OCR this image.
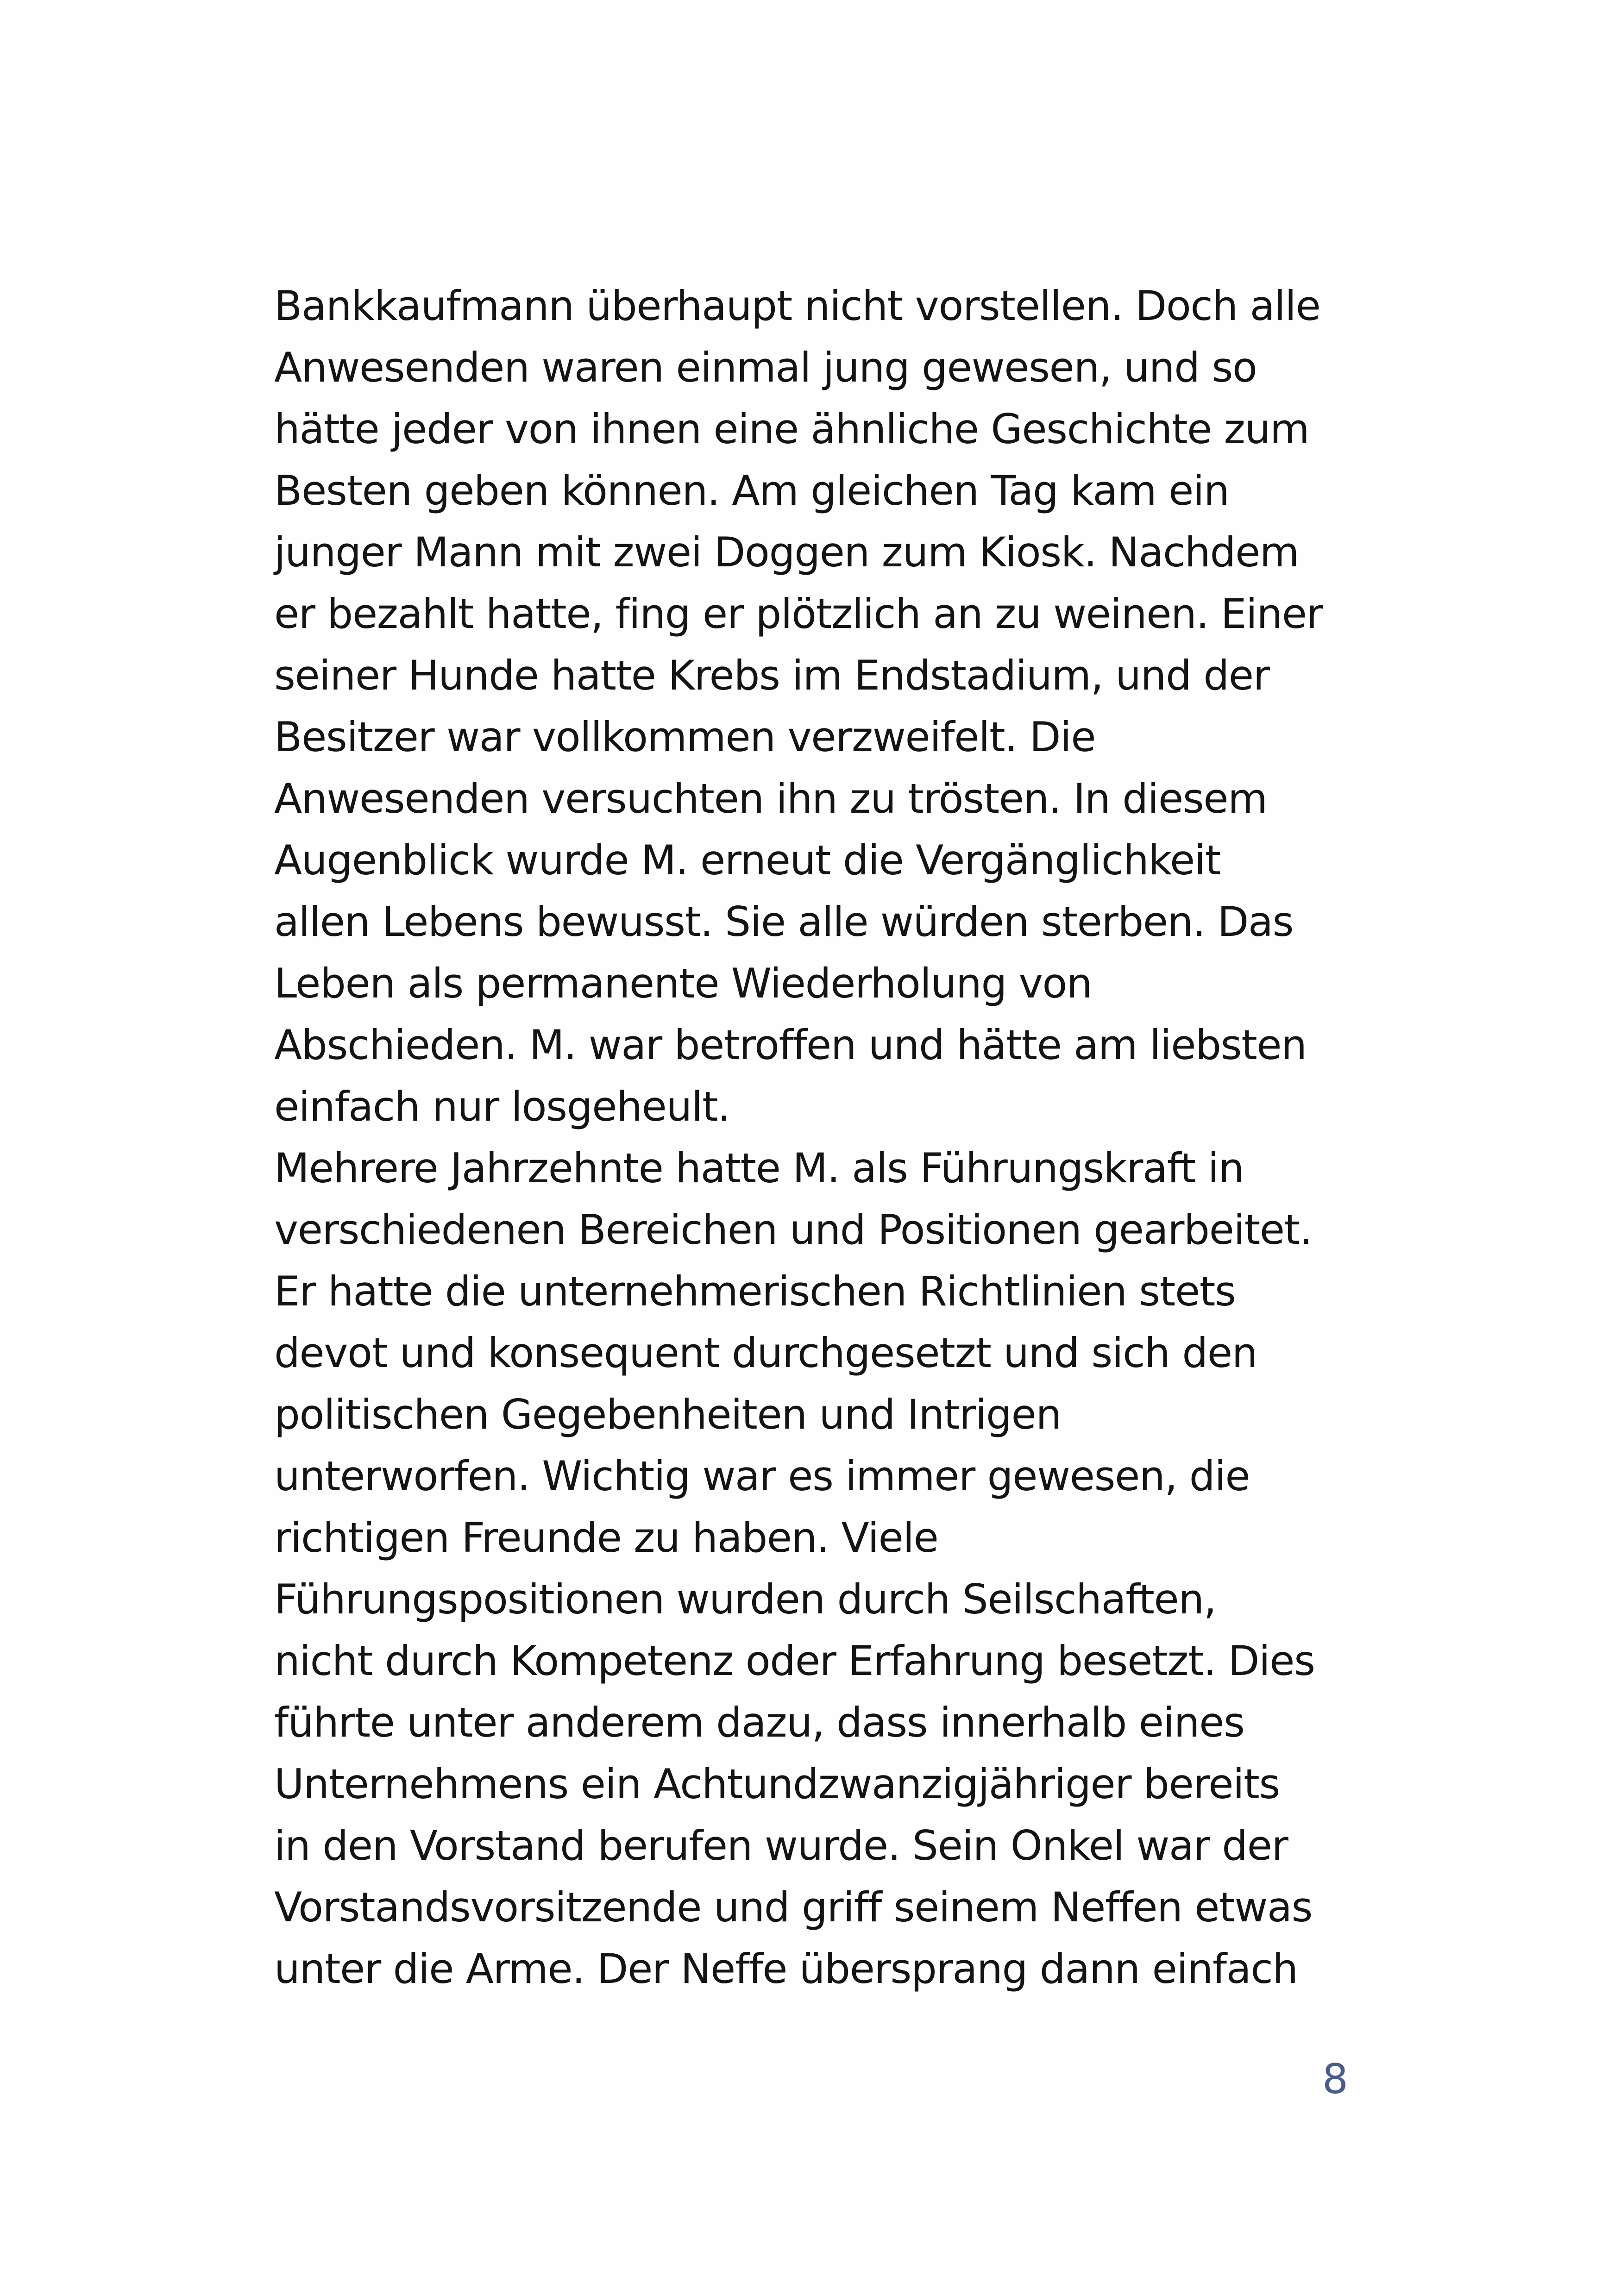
Bankkaufmann überhaupt nicht vorstellen. Doch alle
Anwesenden waren einmal jung gewesen, und so
hätte jeder von ihnen eine ähnliche Geschichte zum
Besten geben können. Am gleichen Tag kam ein
junger Mann mit zwei Doggen zum Kiosk. Nachdem
er bezahlt hatte, fing er plötzlich an zu weinen. Einer
seiner Hunde hatte Krebs im Endstadium, und der
Besitzer war vollkommen verzweifelt. Die
Anwesenden versuchten ihn zu trösten. In diesem
Augenblick wurde M. erneut die Vergänglichkeit
allen Lebens bewusst. Sie alle würden sterben. Das
Leben als permanente Wiederholung von
Abschieden. M. war betroffen und hätte am liebsten
einfach nur losgeheult.
Mehrere Jahrzehnte hatte M. als Führungskraft in
verschiedenen Bereichen und Positionen gearbeitet.
Er hatte die unternehmerischen Richtlinien stets
devot und konsequent durchgesetzt und sich den
politischen Gegebenheiten und Intrigen
unterworfen. Wichtig war es immer gewesen, die
richtigen Freunde zu haben. Viele
Führungspositionen wurden durch Seilschaften,
nicht durch Kompetenz oder Erfahrung besetzt. Dies
führte unter anderem dazu, dass innerhalb eines
Unternehmens ein Achtundzwanzigjähriger bereits
in den Vorstand berufen wurde. Sein Onkel war der
Vorstandsvorsitzende und griff seinem Neffen etwas
unter die Arme. Der Neffe übersprang dann einfach
8
